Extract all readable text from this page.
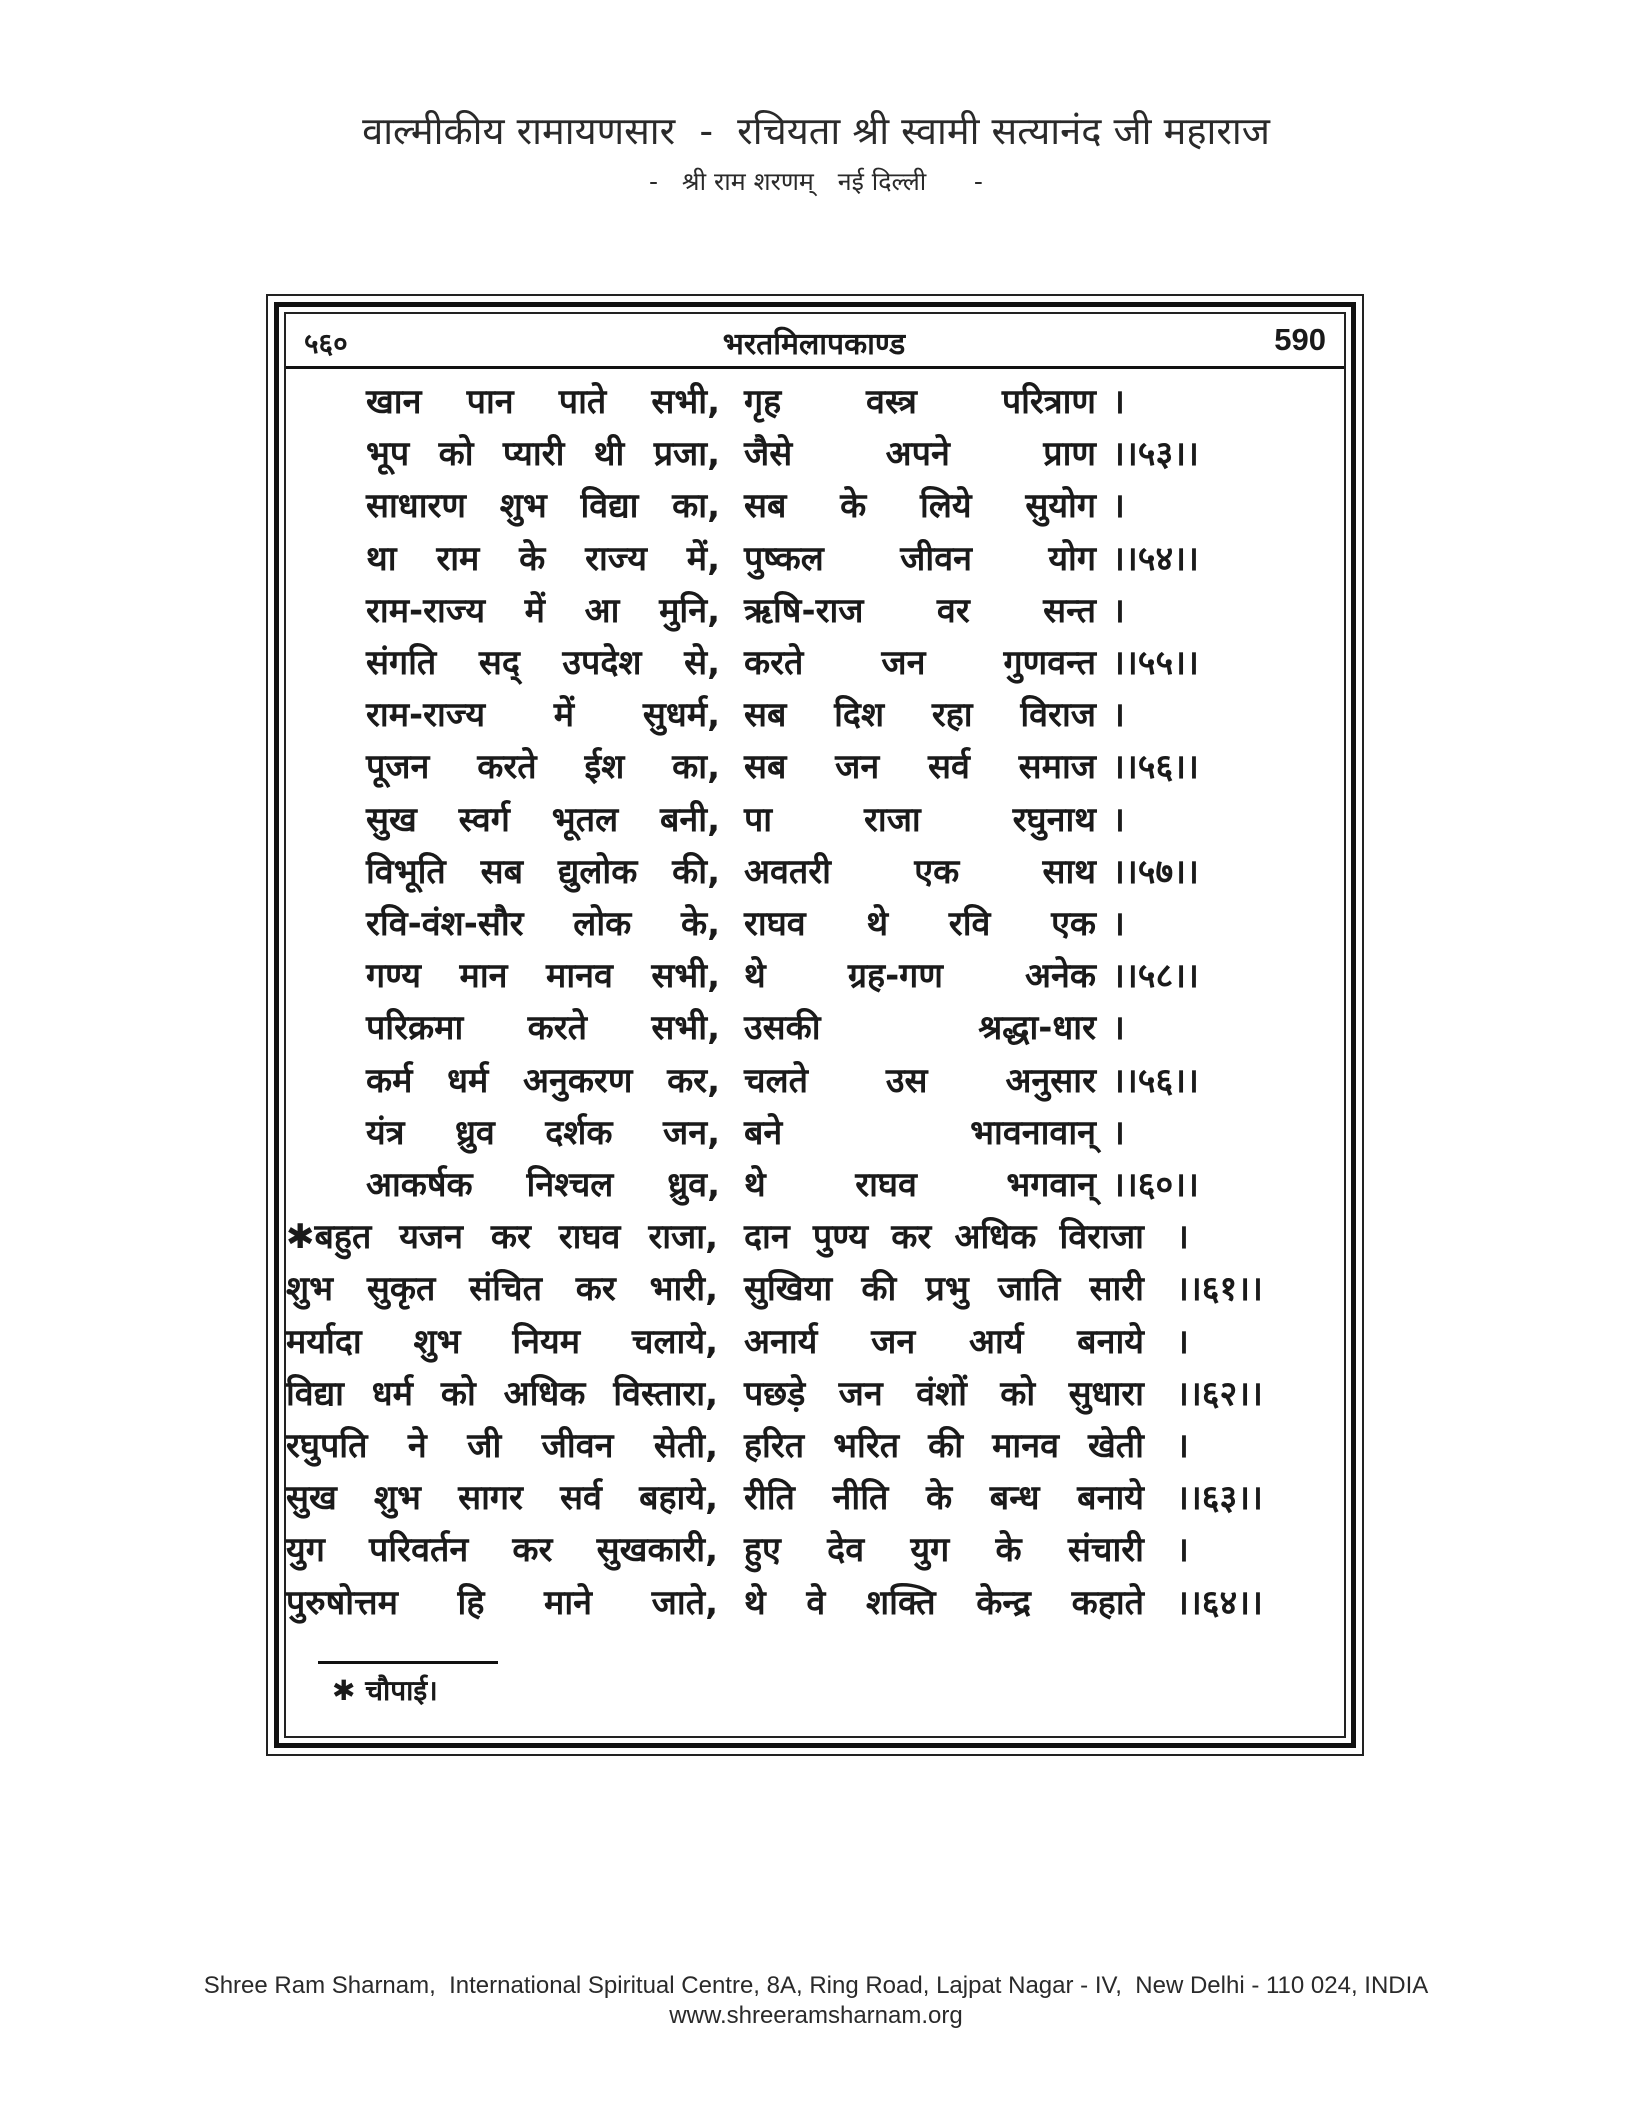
वाल्मीकीय रामायणसार  -  रचियता श्री स्वामी सत्यानंद जी महाराज
-   श्री राम शरणम्   नई दिल्ली      -
५६०	भरतमिलापकाण्ड	590
खान पान पाते सभी, गृह वस्त्र परित्राण ।
भूप को प्यारी थी प्रजा, जैसे अपने प्राण ।।५३।।
साधारण शुभ विद्या का, सब के लिये सुयोग ।
था राम के राज्य में, पुष्कल जीवन योग ।।५४।।
राम-राज्य में आ मुनि, ऋषि-राज वर सन्त ।
संगति सद् उपदेश से, करते जन गुणवन्त ।।५५।।
राम-राज्य में सुधर्म, सब दिश रहा विराज ।
पूजन करते ईश का, सब जन सर्व समाज ।।५६।।
सुख स्वर्ग भूतल बनी, पा राजा रघुनाथ ।
विभूति सब द्युलोक की, अवतरी एक साथ ।।५७।।
रवि-वंश-सौर लोक के, राघव थे रवि एक ।
गण्य मान मानव सभी, थे ग्रह-गण अनेक ।।५८।।
परिक्रमा करते सभी, उसकी श्रद्धा-धार ।
कर्म धर्म अनुकरण कर, चलते उस अनुसार ।।५६।।
यंत्र ध्रुव दर्शक जन, बने भावनावान् ।
आकर्षक निश्चल ध्रुव, थे राघव भगवान् ।।६०।।
✱बहुत यजन कर राघव राजा, दान पुण्य कर अधिक विराजा ।
शुभ सुकृत संचित कर भारी, सुखिया की प्रभु जाति सारी ।।६१।।
मर्यादा शुभ नियम चलाये, अनार्य जन आर्य बनाये ।
विद्या धर्म को अधिक विस्तारा, पछड़े जन वंशों को सुधारा ।।६२।।
रघुपति ने जी जीवन सेती, हरित भरित की मानव खेती ।
सुख शुभ सागर सर्व बहाये, रीति नीति के बन्ध बनाये ।।६३।।
युग परिवर्तन कर सुखकारी, हुए देव युग के संचारी ।
पुरुषोत्तम हि माने जाते, थे वे शक्ति केन्द्र कहाते ।।६४।।
✱ चौपाई।
Shree Ram Sharnam,  International Spiritual Centre, 8A, Ring Road, Lajpat Nagar - IV,  New Delhi - 110 024, INDIA
www.shreeramsharnam.org
